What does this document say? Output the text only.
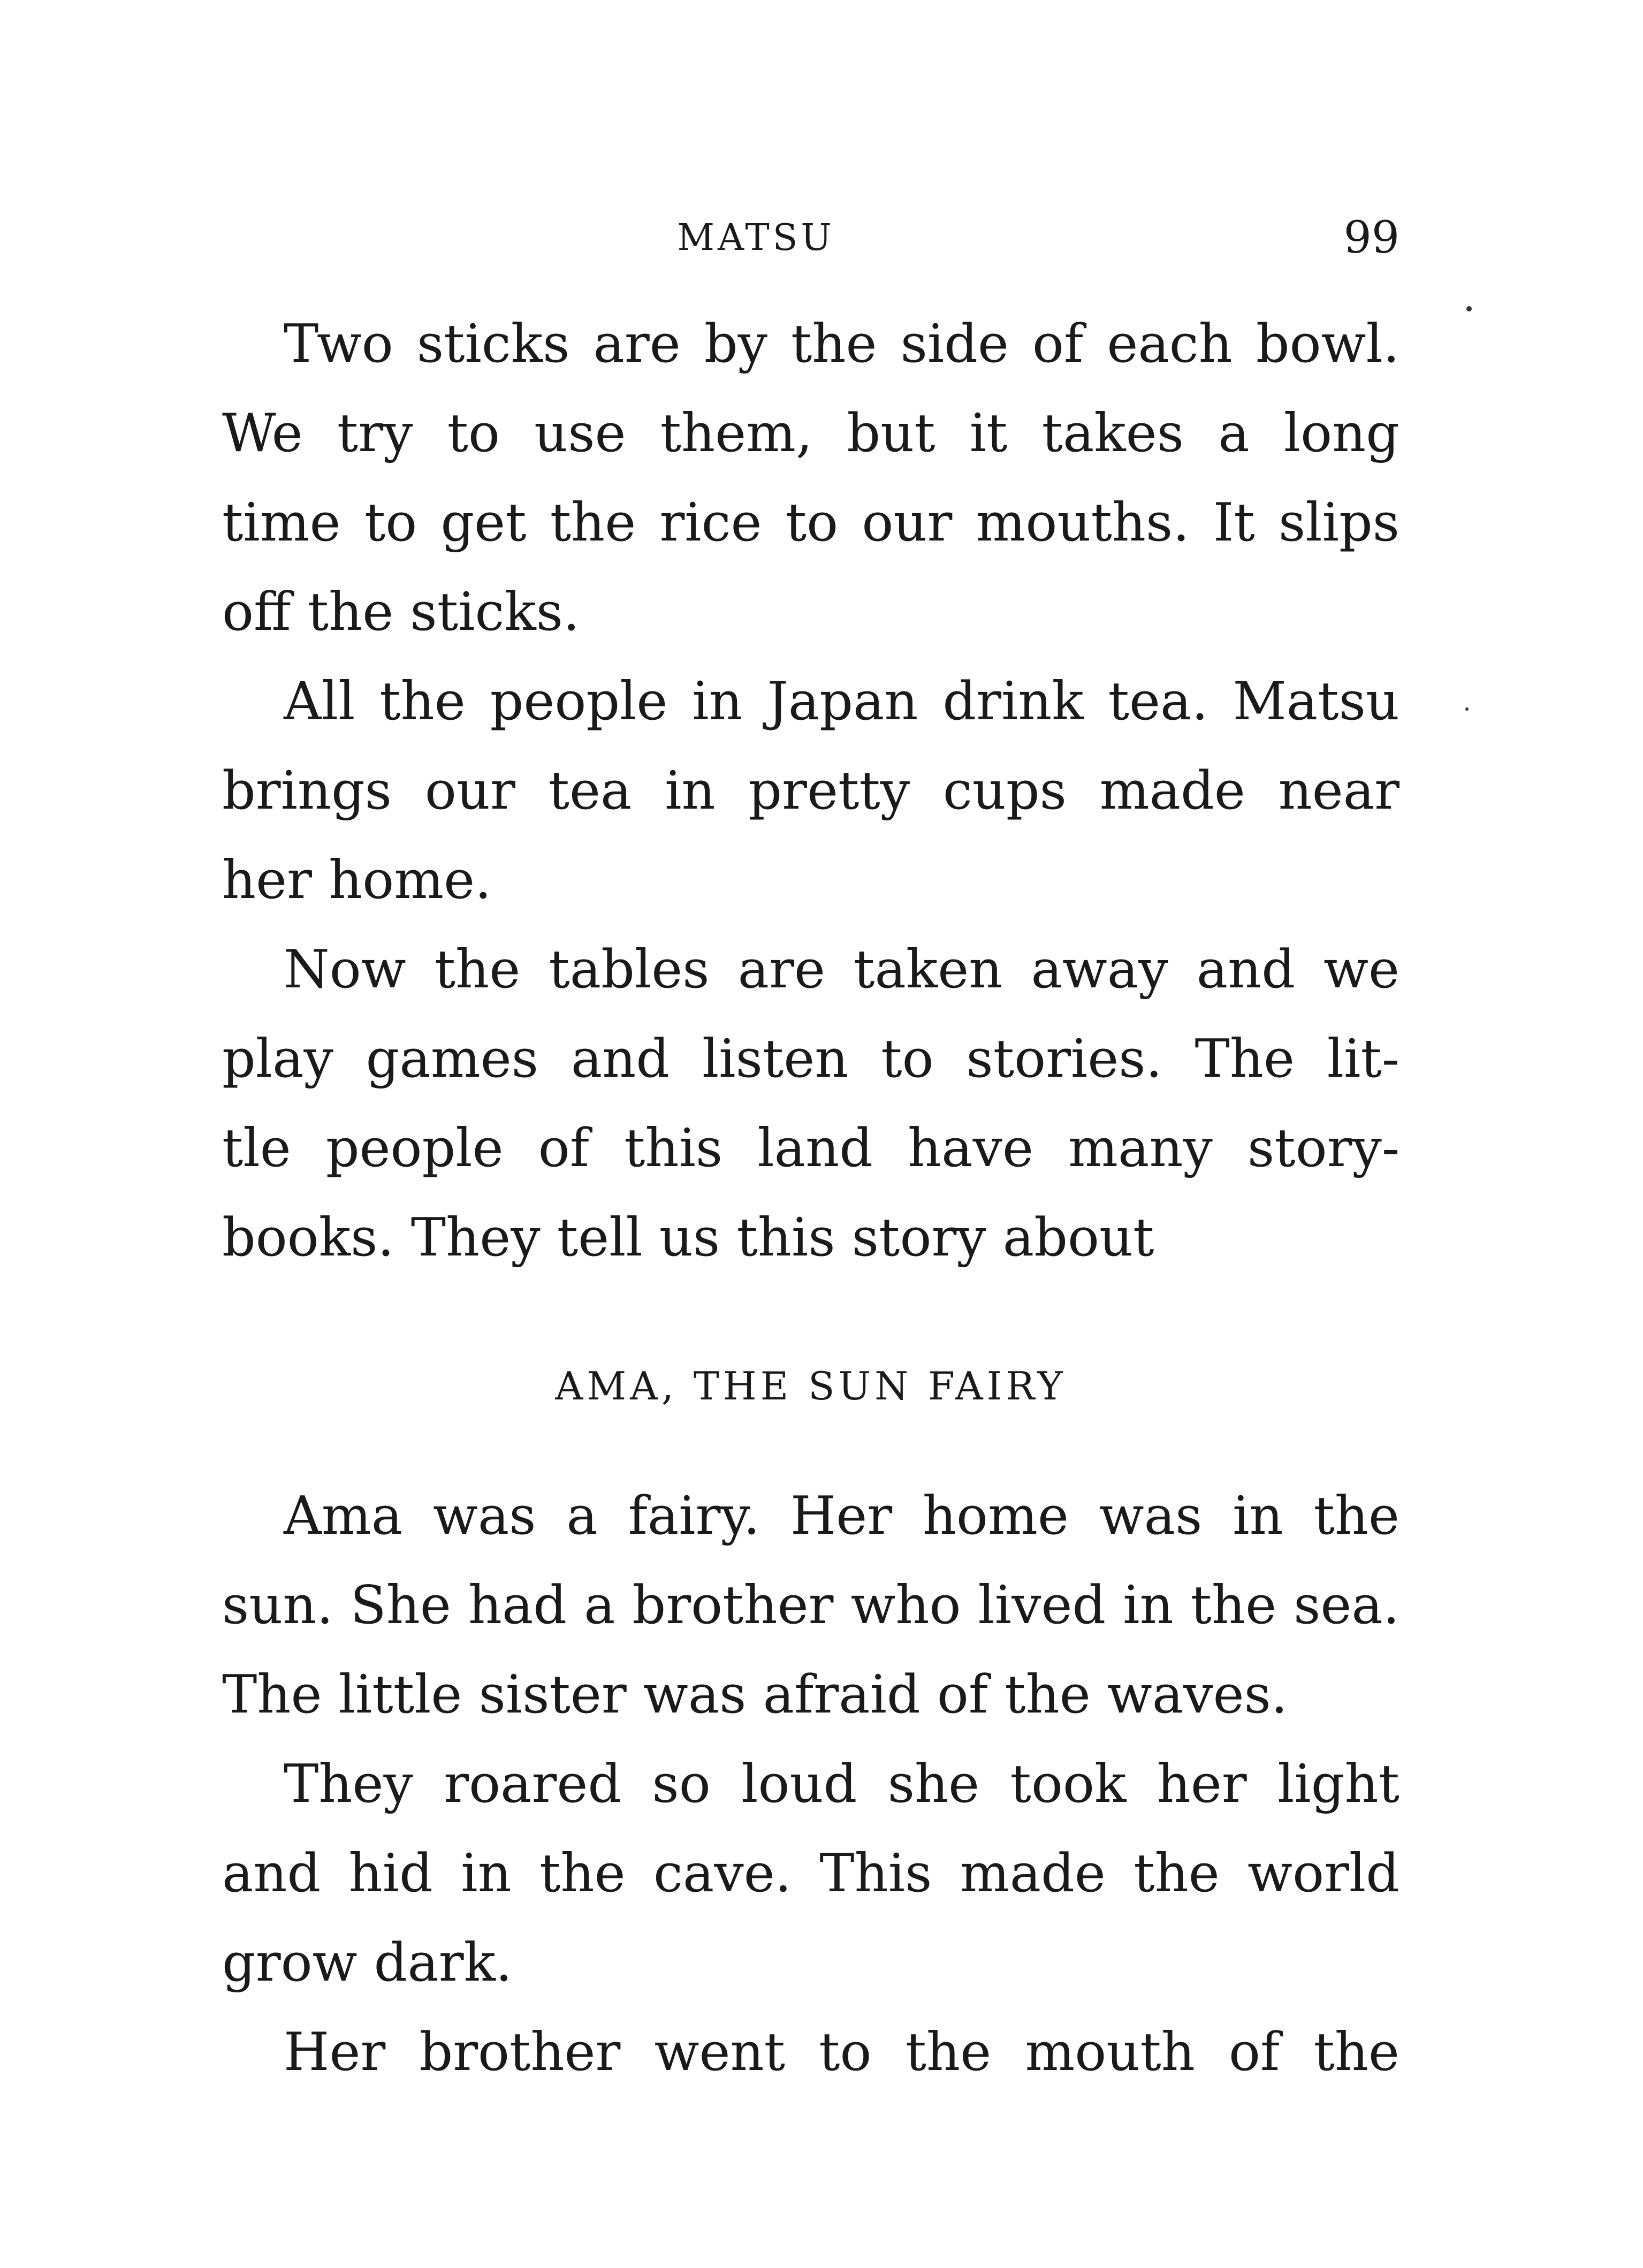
MATSU	99

Two sticks are by the side of each bowl.
We try to use them, but it takes a long
time to get the rice to our mouths. It slips
off the sticks.

All the people in Japan drink tea. Matsu
brings our tea in pretty cups made near
her home.

Now the tables are taken away and we
play games and listen to stories. The lit-
tle people of this land have many story-
books. They tell us this story about

AMA, THE SUN FAIRY

Ama was a fairy. Her home was in the
sun. She had a brother who lived in the sea.
The little sister was afraid of the waves.

They roared so loud she took her light
and hid in the cave. This made the world
grow dark.

Her brother went to the mouth of the
